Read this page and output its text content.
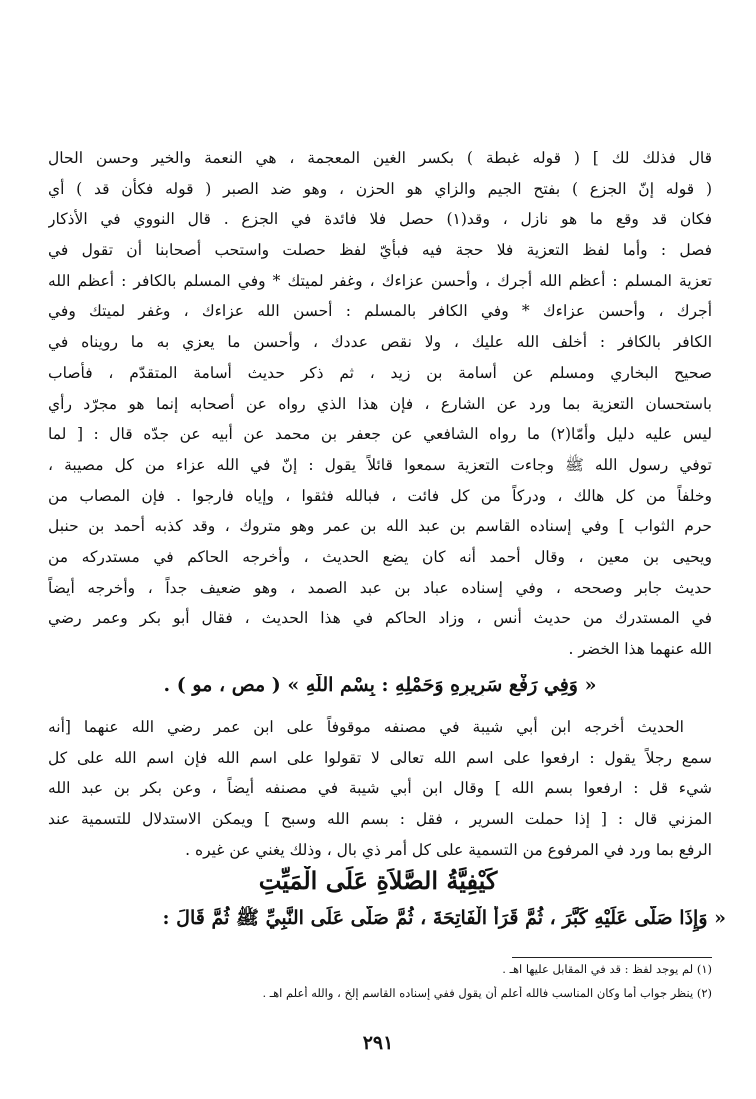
قال فذلك لك ] ( قوله غبطة ) بكسر الغين المعجمة ، هي النعمة والخير وحسن الحال
( قوله إنّ الجزع ) بفتح الجيم والزاي هو الحزن ، وهو ضد الصبر ( قوله فكأن قد ) أي
فكان قد وقع ما هو نازل ، وقد(١) حصل فلا فائدة في الجزع . قال النووي في الأذكار
فصل : وأما لفظ التعزية فلا حجة فيه فبأيّ لفظ حصلت واستحب أصحابنا أن تقول في
تعزية المسلم : أعظم الله أجرك ، وأحسن عزاءك ، وغفر لميتك * وفي المسلم بالكافر : أعظم الله
أجرك ، وأحسن عزاءك * وفي الكافر بالمسلم : أحسن الله عزاءك ، وغفر لميتك وفي
الكافر بالكافر : أخلف الله عليك ، ولا نقص عددك ، وأحسن ما يعزي به ما رويناه في
صحيح البخاري ومسلم عن أسامة بن زيد ، ثم ذكر حديث أسامة المتقدّم ، فأصاب
باستحسان التعزية بما ورد عن الشارع ، فإن هذا الذي رواه عن أصحابه إنما هو مجرّد رأي
ليس عليه دليل وأمّا(٢) ما رواه الشافعي عن جعفر بن محمد عن أبيه عن جدّه قال : [ لما
توفي رسول الله ﷺ وجاءت التعزية سمعوا قائلاً يقول : إنّ في الله عزاء من كل مصيبة ،
وخلفاً من كل هالك ، ودركاً من كل فائت ، فبالله فثقوا ، وإياه فارجوا . فإن المصاب من
حرم الثواب ] وفي إسناده القاسم بن عبد الله بن عمر وهو متروك ، وقد كذبه أحمد بن حنبل
ويحيى بن معين ، وقال أحمد أنه كان يضع الحديث ، وأخرجه الحاكم في مستدركه من
حديث جابر وصححه ، وفي إسناده عباد بن عبد الصمد ، وهو ضعيف جداً ، وأخرجه أيضاً
في المستدرك من حديث أنس ، وزاد الحاكم في هذا الحديث ، فقال أبو بكر وعمر رضي
الله عنهما هذا الخضر .
« وَفِي رَفْعِ سَرِيرِهِ وَحَمْلِهِ : بِسْمِ اللَّهِ » ( مص ، مو ) .
الحديث أخرجه ابن أبي شيبة في مصنفه موقوفاً على ابن عمر رضي الله عنهما [أنه
سمع رجلاً يقول : ارفعوا على اسم الله تعالى لا تقولوا على اسم الله فإن اسم الله على كل
شيء قل : ارفعوا بسم الله ] وقال ابن أبي شيبة في مصنفه أيضاً ، وعن بكر بن عبد الله
المزني قال : [ إذا حملت السرير ، فقل : بسم الله وسبح ] ويمكن الاستدلال للتسمية عند
الرفع بما ورد في المرفوع من التسمية على كل أمر ذي بال ، وذلك يغني عن غيره .
كَيْفِيَّةُ الصَّلاَةِ عَلَى الْمَيِّتِ
« وَإِذَا صَلَّى عَلَيْهِ كَبَّرَ ، ثُمَّ قَرَأَ الْفَاتِحَةَ ، ثُمَّ صَلَّى عَلَى النَّبِيِّ ﷺ ثُمَّ قَالَ :
(١) لم يوجد لفظ : قد في المقابل عليها اهـ .
(٢) ينظر جواب أما وكان المناسب فالله أعلم أن يقول ففي إسناده القاسم إلخ ، والله أعلم اهـ .
٢٩١
